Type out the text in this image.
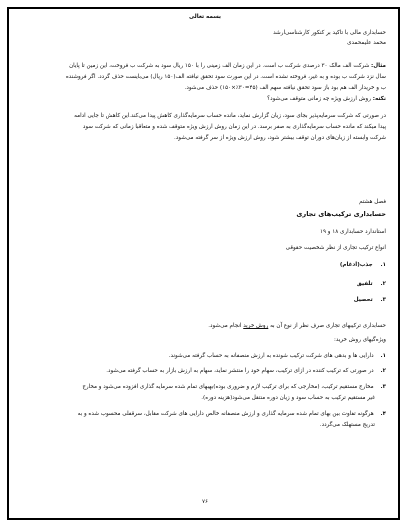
بسمه تعالی
حسابداری مالی با تاکید بر کنکور کارشناسی‌ارشد
محمد علیمحمدی
مثال: شرکت الف مالک ۳۰ درصدی شرکت ب است. در این زمان الف زمینی را با ۱۵۰ ریال سود به شرکت ب فروخت، این زمین تا پایان
سال نزد شرکت ب بوده و به غیر، فروخته نشده است. در این صورت سود تحقق نیافته الف(۱۵۰ ریال) می‌بایست حذف گردد. اگر فروشنده
ب و خریدار الف هم بود باز سود تحقق نیافته سهم الف (۴۵=۳۰٪×۱۵۰) حذف می‌شود.
نکته: روش ارزش ویژه چه زمانی متوقف می‌شود؟
در صورتی که شرکت سرمایه‌پذیر بجای سود، زیان گزارش نماید، مانده حساب سرمایه‌گذاری کاهش پیدا می‌کند.این کاهش تا جایی ادامه
پیدا میکند که مانده حساب سرمایه‌گذاری به صفر برسد. در این زمان روش ارزش ویژه متوقف شده و متعاقبا زمانی که شرکت سود
شرکت وابسته از زیان‌های دوران توقف بیشتر شود، روش ارزش ویژه از سر گرفته می‌شود.
فصل هشتم
حسابداری ترکیب‌های تجاری
استاندارد حسابداری ۱۸ و ۱۹
انواع ترکیب تجاری از نظر شخصیت حقوقی
۱. جذب(ادغام)
۲. تلفیق
۳. تحصیل
حسابداری ترکیبهای تجاری صرف نظر از نوع آن به روش خرید انجام می‌شود.
ویژه‌گیهای روش خرید:
۱. دارایی ها و بدهی های شرکت ترکیب شونده به ارزش منصفانه به حساب گرفته می‌شوند.
۲. در صورتی که ترکیب کننده در ازای ترکیب، سهام خود را منتشر نماید، سهام به ارزش بازار به حساب گرفته می‌شود.
۳. مخارج مستقیم ترکیب، (مخارجی که برای ترکیب لازم و ضروری بوده)بهبهای تمام شده سرمایه گذاری افزوده می‌شود و مخارج
غیر مستقیم ترکیب به حساب سود و زیان دوره منتقل می‌شود(هزینه دوره).
۴. هرگونه تفاوت بین بهای تمام شده سرمایه گذاری و ارزش منصفانه خالص دارایی های شرکت مقابل، سرقفلی محسوب شده و به
تدریج مستهلک می‌گردد.
۷۶
